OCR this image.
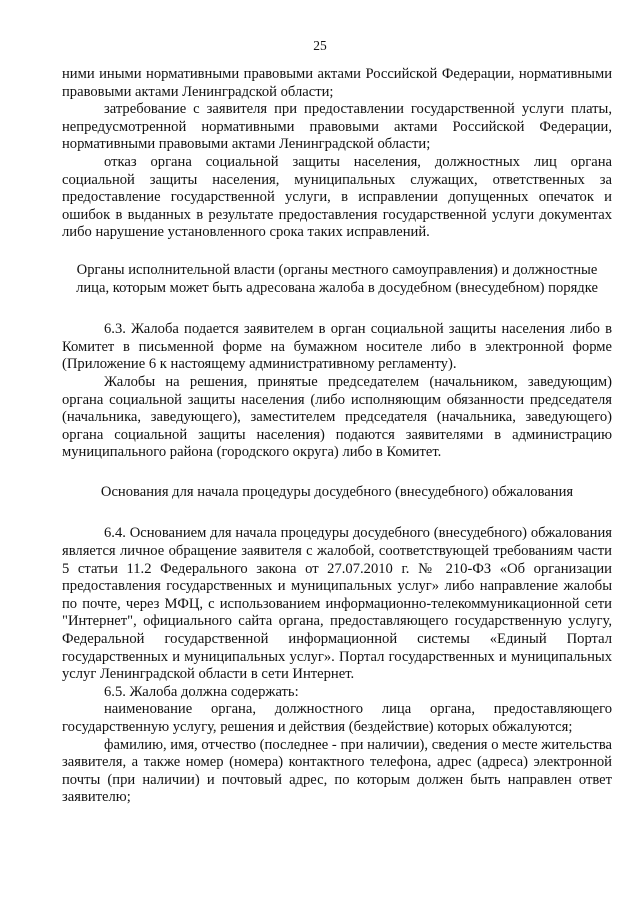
25

ними иными нормативными правовыми актами Российской Федерации, нормативными правовыми актами Ленинградской области;

затребование с заявителя при предоставлении государственной услуги платы, непредусмотренной нормативными правовыми актами Российской Федерации, нормативными правовыми актами Ленинградской области;

отказ органа социальной защиты населения, должностных лиц органа социальной защиты населения, муниципальных служащих, ответственных за предоставление государственной услуги, в исправлении допущенных опечаток и ошибок в выданных в результате предоставления государственной услуги документах либо нарушение установленного срока таких исправлений.

Органы исполнительной власти (органы местного самоуправления) и должностные лица, которым может быть адресована жалоба в досудебном (внесудебном) порядке

6.3. Жалоба подается заявителем в орган социальной защиты населения либо в Комитет в письменной форме на бумажном носителе либо в электронной форме (Приложение 6 к настоящему административному регламенту).

Жалобы на решения, принятые председателем (начальником, заведующим) органа социальной защиты населения (либо исполняющим обязанности председателя (начальника, заведующего), заместителем председателя (начальника, заведующего) органа социальной защиты населения) подаются заявителями в администрацию муниципального района (городского округа) либо в Комитет.

Основания для начала процедуры досудебного (внесудебного) обжалования

6.4. Основанием для начала процедуры досудебного (внесудебного) обжалования является личное обращение заявителя с жалобой, соответствующей требованиям части 5 статьи 11.2 Федерального закона от 27.07.2010 г. № 210-ФЗ «Об организации предоставления государственных и муниципальных услуг» либо направление жалобы по почте, через МФЦ, с использованием информационно-телекоммуникационной сети "Интернет", официального сайта органа, предоставляющего государственную услугу, Федеральной государственной информационной системы «Единый Портал государственных и муниципальных услуг». Портал государственных и муниципальных услуг Ленинградской области в сети Интернет.

6.5. Жалоба должна содержать:

наименование органа, должностного лица органа, предоставляющего государственную услугу, решения и действия (бездействие) которых обжалуются;

фамилию, имя, отчество (последнее - при наличии), сведения о месте жительства заявителя, а также номер (номера) контактного телефона, адрес (адреса) электронной почты (при наличии) и почтовый адрес, по которым должен быть направлен ответ заявителю;
